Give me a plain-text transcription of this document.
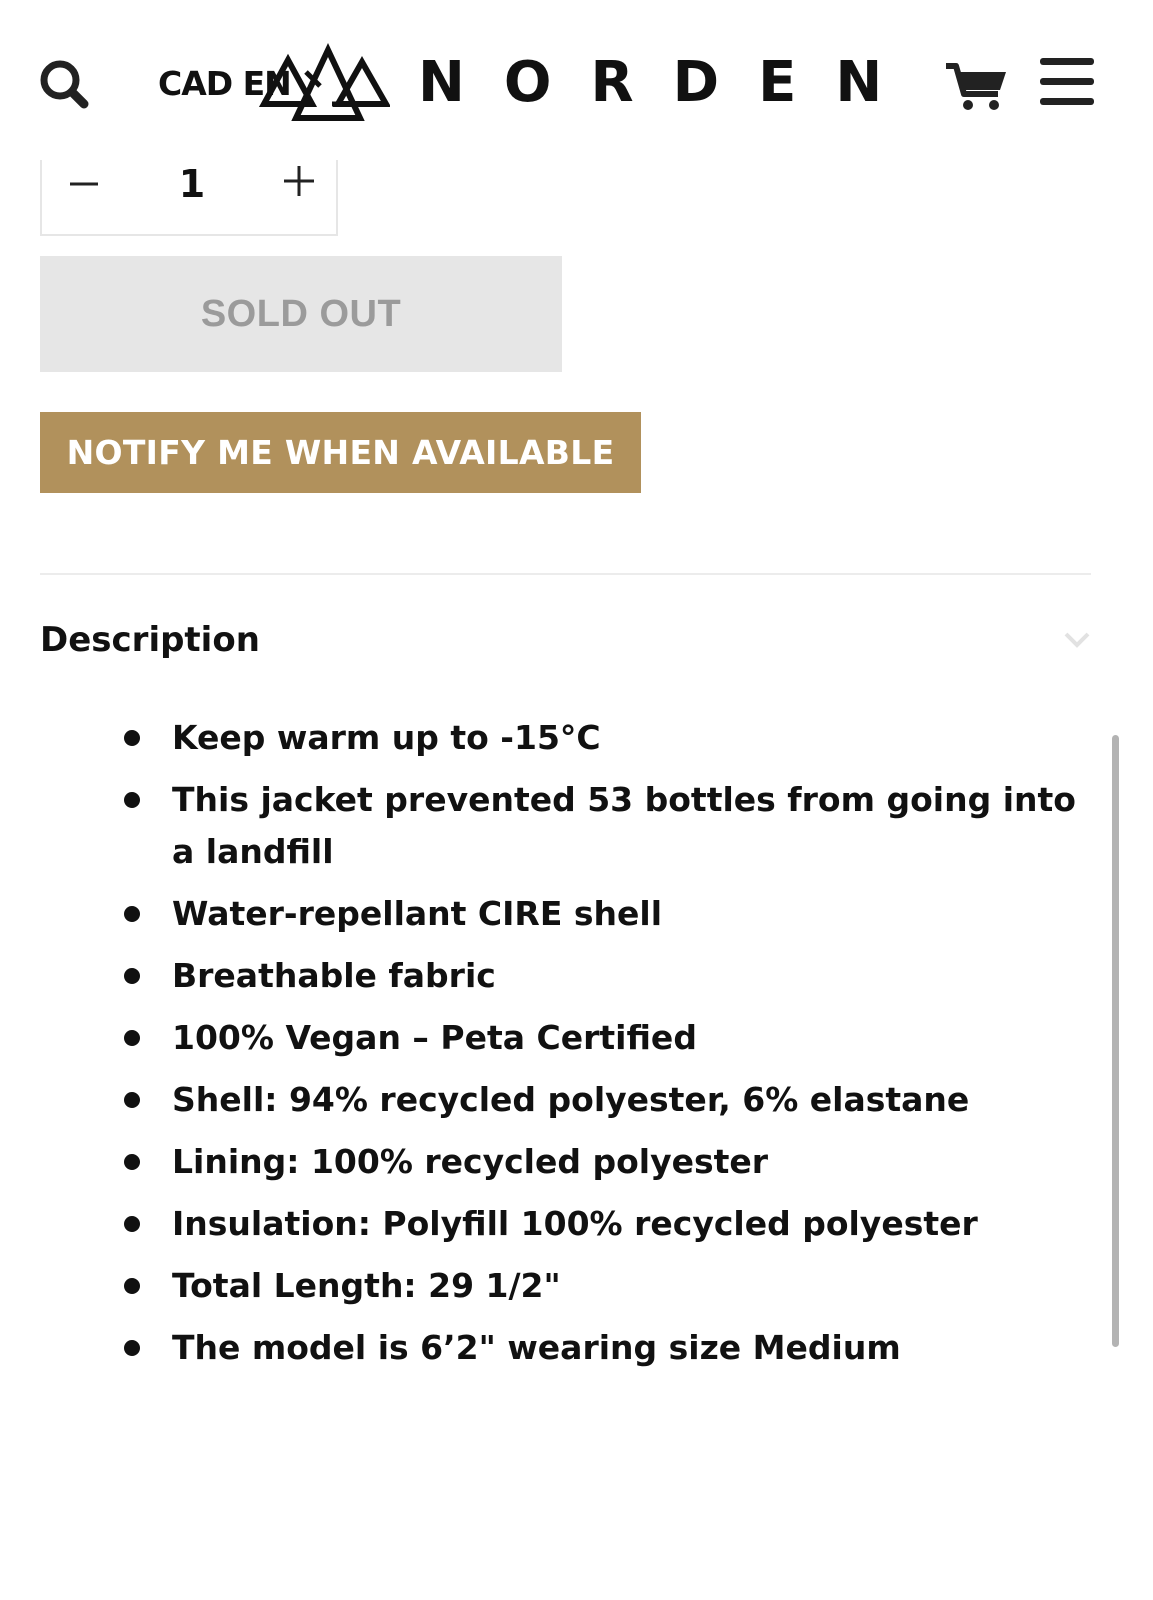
CAD EN NORDEN
1
SOLD OUT
NOTIFY ME WHEN AVAILABLE
Description
Keep warm up to -15°C
This jacket prevented 53 bottles from going into a landfill
Water-repellant CIRE shell
Breathable fabric
100% Vegan – Peta Certified
Shell: 94% recycled polyester, 6% elastane
Lining: 100% recycled polyester
Insulation: Polyfill 100% recycled polyester
Total Length: 29 1/2"
The model is 6’2" wearing size Medium
